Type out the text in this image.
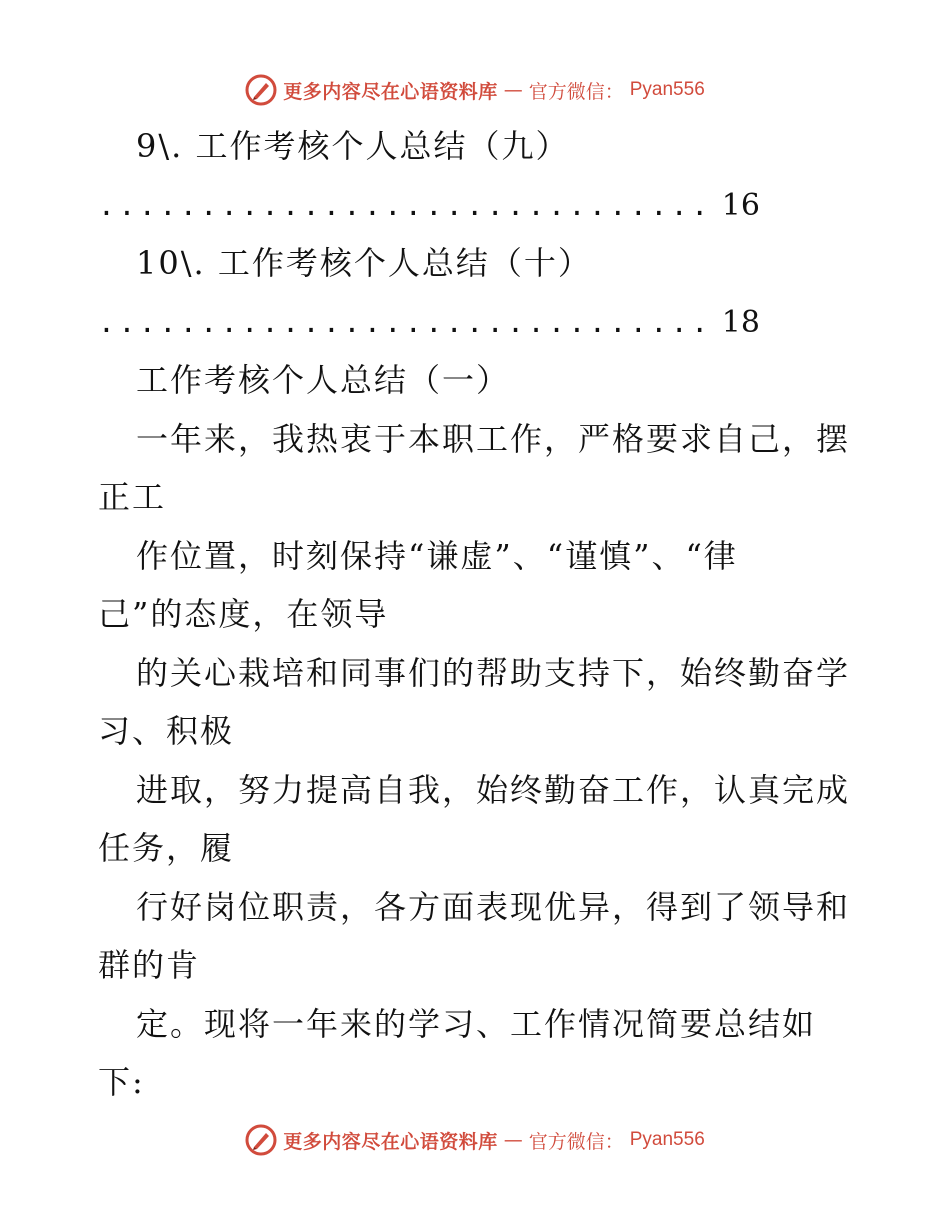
更多内容尽在心语资料库 — 官方微信： Pyan556
9\. 工作考核个人总结（九）
.............................. 16
10\. 工作考核个人总结（十）
.............................. 18
工作考核个人总结（一）
一年来，我热衷于本职工作，严格要求自己，摆
正工
作位置，时刻保持“谦虚”、“谨慎”、“律
己”的态度，在领导
的关心栽培和同事们的帮助支持下，始终勤奋学
习、积极
进取，努力提高自我，始终勤奋工作，认真完成
任务，履
行好岗位职责，各方面表现优异，得到了领导和
群的肯
定。现将一年来的学习、工作情况简要总结如
下:
更多内容尽在心语资料库 — 官方微信： Pyan556
